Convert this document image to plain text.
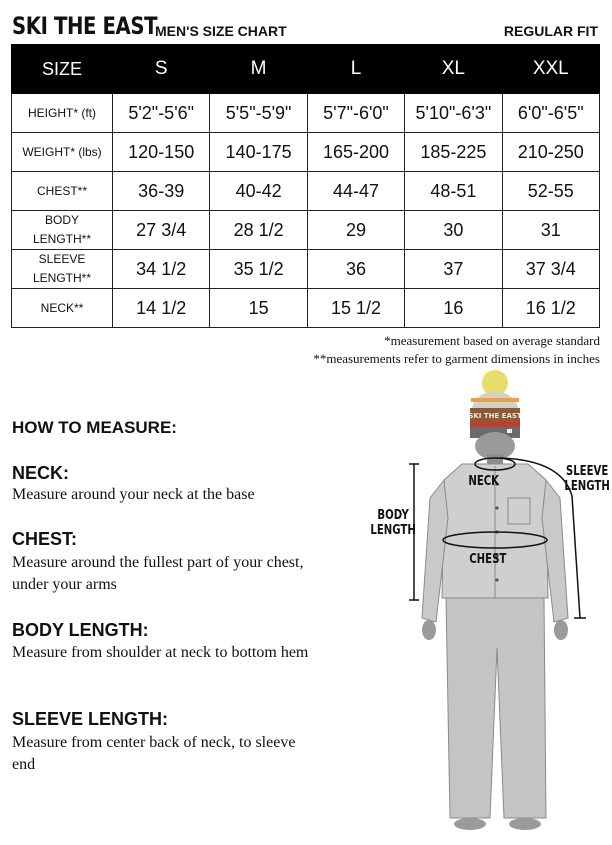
SKI THE EAST
MEN'S SIZE CHART	REGULAR FIT
SIZE	S	M	L	XL	XXL
HEIGHT* (ft)	5'2"-5'6"	5'5"-5'9"	5'7"-6'0"	5'10"-6'3"	6'0"-6'5"
WEIGHT* (lbs)	120-150	140-175	165-200	185-225	210-250
CHEST**	36-39	40-42	44-47	48-51	52-55
BODY
LENGTH**	27 3/4	28 1/2	29	30	31
SLEEVE
LENGTH**	34 1/2	35 1/2	36	37	37 3/4
NECK**	14 1/2	15	15 1/2	16	16 1/2
*measurement based on average standard
**measurements refer to garment dimensions in inches
HOW TO MEASURE:
NECK:
Measure around your neck at the base
CHEST:
Measure around the fullest part of your chest, under your arms
BODY LENGTH:
Measure from shoulder at neck to bottom hem
SLEEVE LENGTH:
Measure from center back of neck, to sleeve end
SKI THE EAST
NECK
CHEST
BODY
LENGTH
SLEEVE
LENGTH
